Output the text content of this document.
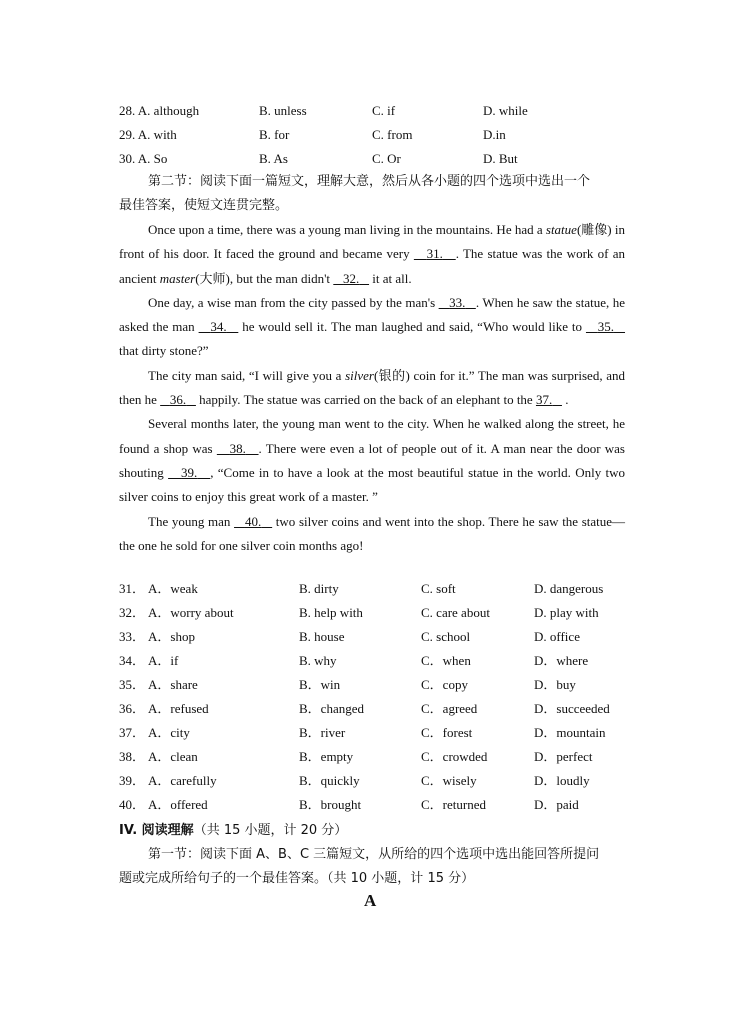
28. A. although	B. unless	C. if	D. while
29. A. with	B. for	C. from	D.in
30. A. So	B. As	C. Or	D. But
第二节：阅读下面一篇短文，理解大意，然后从各小题的四个选项中选出一个
最佳答案，使短文连贯完整。

Once upon a time, there was a young man living in the mountains. He had a statue(雕像) in front of his door. It faced the ground and became very    31. . The statue was the work of an ancient master(大师), but the man didn't    32.    it at all.

One day, a wise man from the city passed by the man's    33. . When he saw the statue, he asked the man    34.    he would sell it. The man laughed and said, “Who would like to    35.    that dirty stone?”

The city man said, “I will give you a silver(银的) coin for it.” The man was surprised, and then he    36.    happily. The statue was carried on the back of an elephant to the 37.    .

Several months later, the young man went to the city. When he walked along the street, he found a shop was    38. . There were even a lot of people out of it. A man near the door was shouting    39. , “Come in to have a look at the most beautiful statue in the world. Only two silver coins to enjoy this great work of a master. ”

The young man    40.    two silver coins and went into the shop. There he saw the statue—the one he sold for one silver coin months ago!

31． A．weak	B. dirty	C. soft	D. dangerous
32． A．worry about	B. help with	C. care about	D. play with
33． A．shop	B. house	C. school	D. office
34． A．if	B. why	C．when	D．where
35． A．share	B．win	C．copy	D．buy
36． A．refused	B．changed	C．agreed	D．succeeded
37． A．city	B．river	C．forest	D．mountain
38． A．clean	B．empty	C．crowded	D．perfect
39． A．carefully	B．quickly	C．wisely	D．loudly
40． A．offered	B．brought	C．returned	D．paid
IV. 阅读理解（共 15 小题，计 20 分）
第一节：阅读下面 A、B、C 三篇短文，从所给的四个选项中选出能回答所提问
题或完成所给句子的一个最佳答案。（共 10 小题，计 15 分）
A
